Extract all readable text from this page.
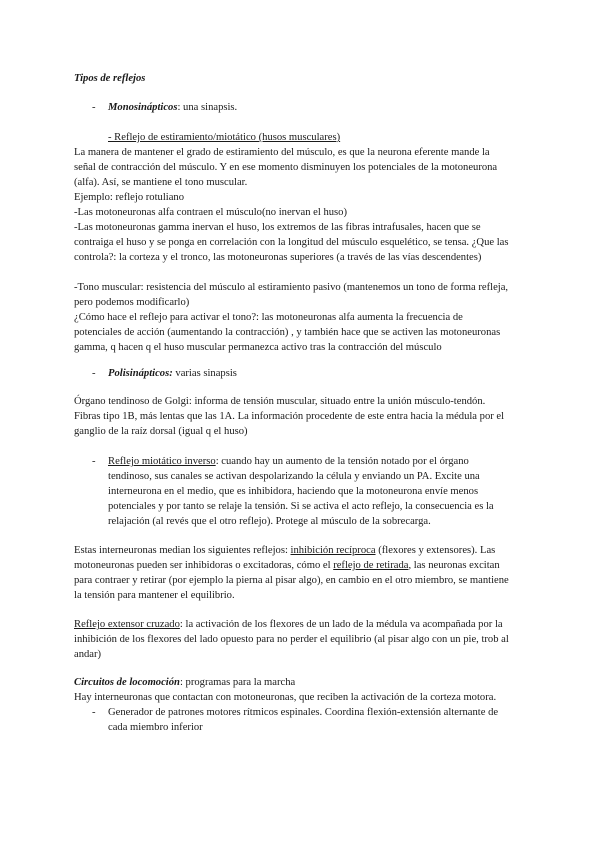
Tipos de reflejos
- Monosinápticos: una sinapsis.
- Reflejo de estiramiento/miotático (husos musculares)
La manera de mantener el grado de estiramiento del músculo, es que la neurona eferente mande la
señal de contracción del músculo. Y en ese momento disminuyen los potenciales de la motoneurona
(alfa). Así, se mantiene el tono muscular.
Ejemplo: reflejo rotuliano
-Las motoneuronas alfa contraen el músculo(no inervan el huso)
-Las motoneuronas gamma inervan el huso, los extremos de las fibras intrafusales, hacen que se
contraiga el huso y se ponga en correlación con la longitud del músculo esquelético, se tensa. ¿Que las
controla?: la corteza y el tronco, las motoneuronas superiores (a través de las vías descendentes)
-Tono muscular: resistencia del músculo al estiramiento pasivo (mantenemos un tono de forma refleja,
pero podemos modificarlo)
¿Cómo hace el reflejo para activar el tono?: las motoneuronas alfa aumenta la frecuencia de
potenciales de acción (aumentando la contracción) , y también hace que se activen las motoneuronas
gamma, q hacen q el huso muscular permanezca activo tras la contracción del músculo
- Polisinápticos: varias sinapsis
Órgano tendinoso de Golgi: informa de tensión muscular, situado entre la unión músculo-tendón.
Fibras tipo 1B, más lentas que las 1A. La información procedente de este entra hacia la médula por el
ganglio de la raíz dorsal (igual q el huso)
- Reflejo miotático inverso: cuando hay un aumento de la tensión notado por el órgano
tendinoso, sus canales se activan despolarizando la célula y enviando un PA. Excite una
interneurona en el medio, que es inhibidora, haciendo que la motoneurona envíe menos
potenciales y por tanto se relaje la tensión. Si se activa el acto reflejo, la consecuencia es la
relajación (al revés que el otro reflejo). Protege al músculo de la sobrecarga.
Estas interneuronas median los siguientes reflejos: inhibición recíproca (flexores y extensores). Las
motoneuronas pueden ser inhibidoras o excitadoras, cómo el reflejo de retirada, las neuronas excitan
para contraer y retirar (por ejemplo la pierna al pisar algo), en cambio en el otro miembro, se mantiene
la tensión para mantener el equilibrio.
Reflejo extensor cruzado: la activación de los flexores de un lado de la médula va acompañada por la
inhibición de los flexores del lado opuesto para no perder el equilibrio (al pisar algo con un pie, trob al
andar)
Circuitos de locomoción: programas para la marcha
Hay interneuronas que contactan con motoneuronas, que reciben la activación de la corteza motora.
- Generador de patrones motores rítmicos espinales. Coordina flexión-extensión alternante de
cada miembro inferior
